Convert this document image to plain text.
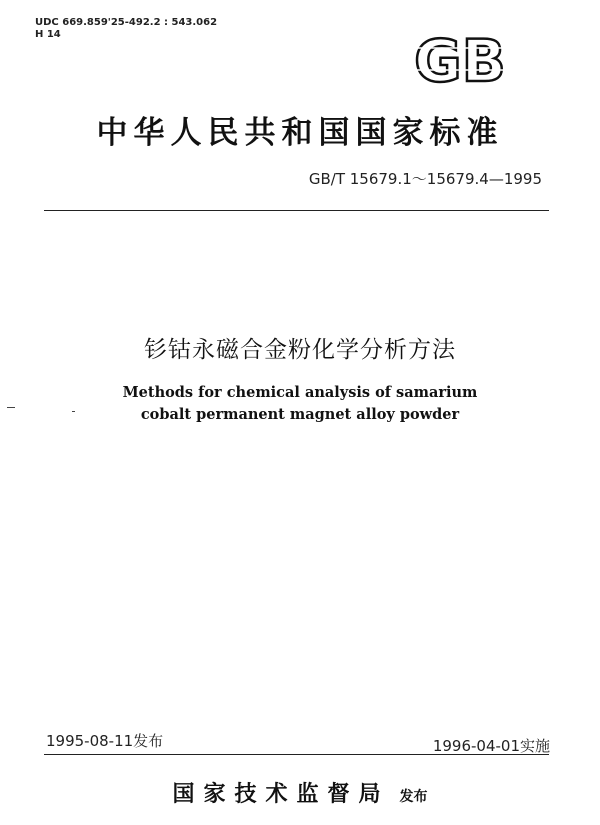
UDC 669.859'25-492.2 : 543.062
H 14	GB
中华人民共和国国家标准
GB/T 15679.1～15679.4—1995
钐钴永磁合金粉化学分析方法
Methods for chemical analysis of samarium
cobalt permanent magnet alloy powder
1995-08-11发布	1996-04-01实施
国家技术监督局 发布
